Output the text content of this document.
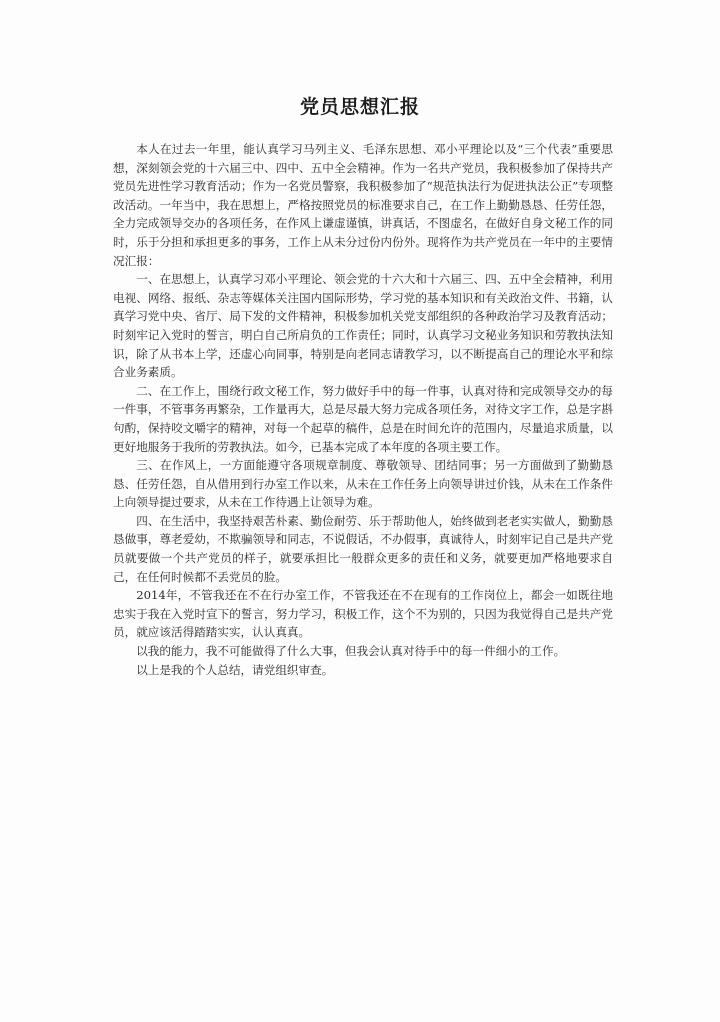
党员思想汇报

本人在过去一年里，能认真学习马列主义、毛泽东思想、邓小平理论以及“三个代表”重要思想，深刻领会党的十六届三中、四中、五中全会精神。作为一名共产党员，我积极参加了保持共产党员先进性学习教育活动；作为一名党员警察，我积极参加了“规范执法行为促进执法公正”专项整改活动。一年当中，我在思想上，严格按照党员的标准要求自己，在工作上勤勤恳恳、任劳任怨，全力完成领导交办的各项任务，在作风上谦虚谨慎，讲真话，不图虚名，在做好自身文秘工作的同时，乐于分担和承担更多的事务，工作上从未分过份内份外。现将作为共产党员在一年中的主要情况汇报：

一、在思想上，认真学习邓小平理论、领会党的十六大和十六届三、四、五中全会精神，利用电视、网络、报纸、杂志等媒体关注国内国际形势，学习党的基本知识和有关政治文件、书籍，认真学习党中央、省厅、局下发的文件精神，积极参加机关党支部组织的各种政治学习及教育活动；时刻牢记入党时的誓言，明白自己所肩负的工作责任；同时，认真学习文秘业务知识和劳教执法知识，除了从书本上学，还虚心向同事，特别是向老同志请教学习，以不断提高自己的理论水平和综合业务素质。

二、在工作上，围绕行政文秘工作，努力做好手中的每一件事，认真对待和完成领导交办的每一件事，不管事务再繁杂，工作量再大，总是尽最大努力完成各项任务，对待文字工作，总是字斟句酌，保持咬文嚼字的精神，对每一个起草的稿件，总是在时间允许的范围内，尽量追求质量，以更好地服务于我所的劳教执法。如今，已基本完成了本年度的各项主要工作。

三、在作风上，一方面能遵守各项规章制度、尊敬领导、团结同事；另一方面做到了勤勤恳恳、任劳任怨，自从借用到行办室工作以来，从未在工作任务上向领导讲过价钱，从未在工作条件上向领导提过要求，从未在工作待遇上让领导为难。

四、在生活中，我坚持艰苦朴素、勤俭耐劳、乐于帮助他人，始终做到老老实实做人，勤勤恳恳做事，尊老爱幼，不欺骗领导和同志，不说假话，不办假事，真诚待人，时刻牢记自己是共产党员就要做一个共产党员的样子，就要承担比一般群众更多的责任和义务，就要更加严格地要求自己，在任何时候都不丢党员的脸。

2014年，不管我还在不在行办室工作，不管我还在不在现有的工作岗位上，都会一如既往地忠实于我在入党时宣下的誓言，努力学习，积极工作，这个不为别的，只因为我觉得自己是共产党员，就应该活得踏踏实实，认认真真。

以我的能力，我不可能做得了什么大事，但我会认真对待手中的每一件细小的工作。

以上是我的个人总结，请党组织审查。
